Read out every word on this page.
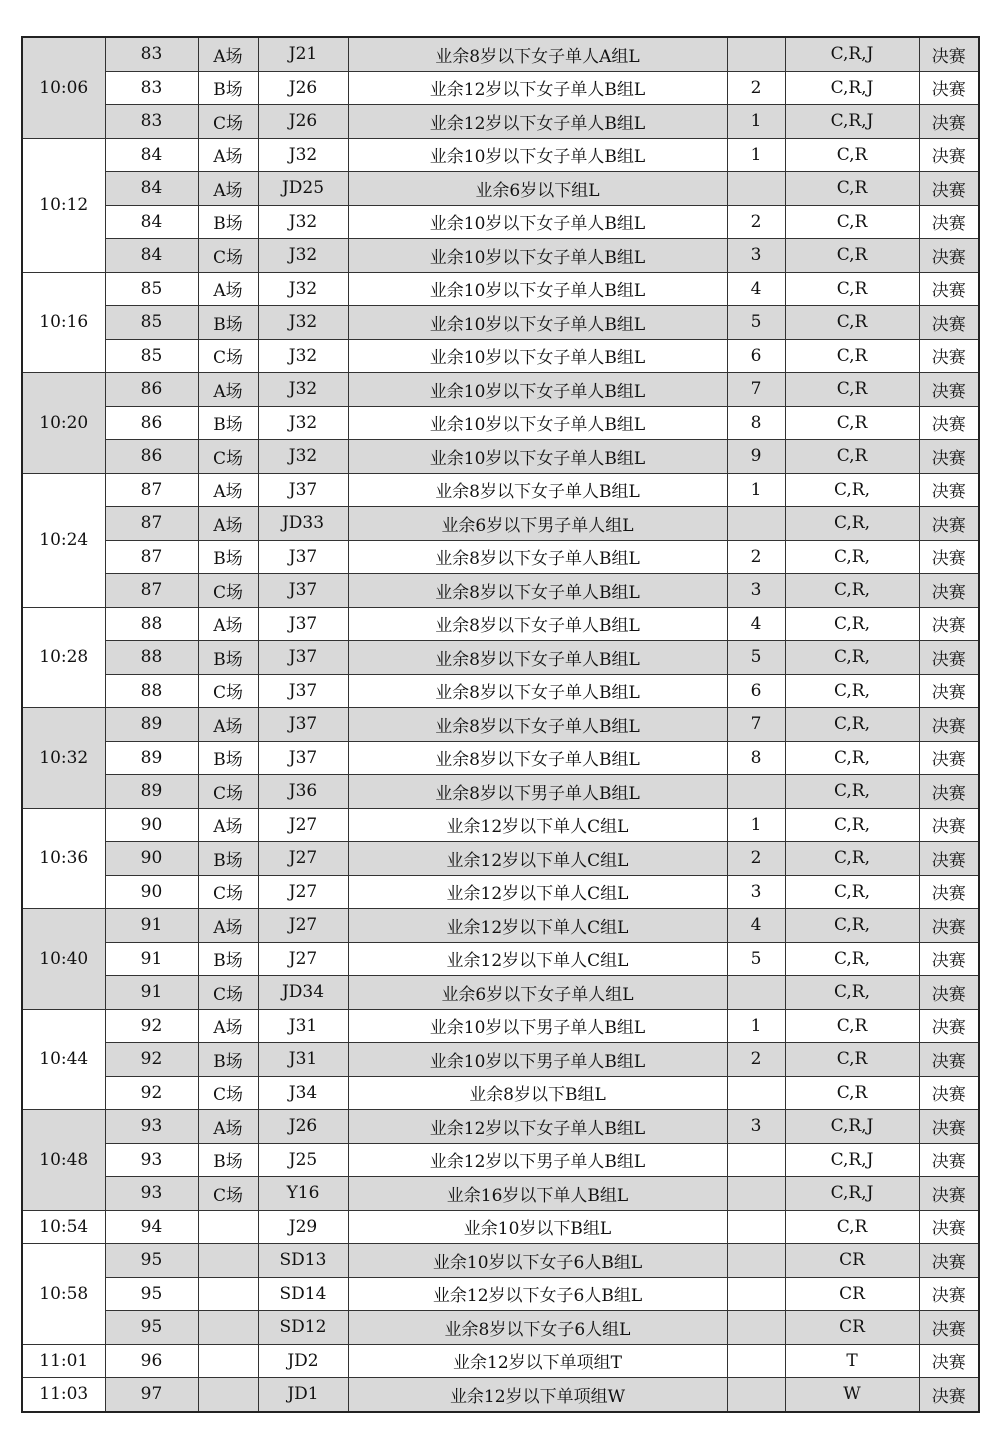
10:06	83	A场	J21	业余8岁以下女子单人A组L		C,R,J	决赛
	83	B场	J26	业余12岁以下女子单人B组L	2	C,R,J	决赛
	83	C场	J26	业余12岁以下女子单人B组L	1	C,R,J	决赛
10:12	84	A场	J32	业余10岁以下女子单人B组L	1	C,R	决赛
	84	A场	JD25	业余6岁以下组L		C,R	决赛
	84	B场	J32	业余10岁以下女子单人B组L	2	C,R	决赛
	84	C场	J32	业余10岁以下女子单人B组L	3	C,R	决赛
10:16	85	A场	J32	业余10岁以下女子单人B组L	4	C,R	决赛
	85	B场	J32	业余10岁以下女子单人B组L	5	C,R	决赛
	85	C场	J32	业余10岁以下女子单人B组L	6	C,R	决赛
10:20	86	A场	J32	业余10岁以下女子单人B组L	7	C,R	决赛
	86	B场	J32	业余10岁以下女子单人B组L	8	C,R	决赛
	86	C场	J32	业余10岁以下女子单人B组L	9	C,R	决赛
10:24	87	A场	J37	业余8岁以下女子单人B组L	1	C,R,	决赛
	87	A场	JD33	业余6岁以下男子单人组L		C,R,	决赛
	87	B场	J37	业余8岁以下女子单人B组L	2	C,R,	决赛
	87	C场	J37	业余8岁以下女子单人B组L	3	C,R,	决赛
10:28	88	A场	J37	业余8岁以下女子单人B组L	4	C,R,	决赛
	88	B场	J37	业余8岁以下女子单人B组L	5	C,R,	决赛
	88	C场	J37	业余8岁以下女子单人B组L	6	C,R,	决赛
10:32	89	A场	J37	业余8岁以下女子单人B组L	7	C,R,	决赛
	89	B场	J37	业余8岁以下女子单人B组L	8	C,R,	决赛
	89	C场	J36	业余8岁以下男子单人B组L		C,R,	决赛
10:36	90	A场	J27	业余12岁以下单人C组L	1	C,R,	决赛
	90	B场	J27	业余12岁以下单人C组L	2	C,R,	决赛
	90	C场	J27	业余12岁以下单人C组L	3	C,R,	决赛
10:40	91	A场	J27	业余12岁以下单人C组L	4	C,R,	决赛
	91	B场	J27	业余12岁以下单人C组L	5	C,R,	决赛
	91	C场	JD34	业余6岁以下女子单人组L		C,R,	决赛
10:44	92	A场	J31	业余10岁以下男子单人B组L	1	C,R	决赛
	92	B场	J31	业余10岁以下男子单人B组L	2	C,R	决赛
	92	C场	J34	业余8岁以下B组L		C,R	决赛
10:48	93	A场	J26	业余12岁以下女子单人B组L	3	C,R,J	决赛
	93	B场	J25	业余12岁以下男子单人B组L		C,R,J	决赛
	93	C场	Y16	业余16岁以下单人B组L		C,R,J	决赛
10:54	94		J29	业余10岁以下B组L		C,R	决赛
10:58	95		SD13	业余10岁以下女子6人B组L		CR	决赛
	95		SD14	业余12岁以下女子6人B组L		CR	决赛
	95		SD12	业余8岁以下女子6人组L		CR	决赛
11:01	96		JD2	业余12岁以下单项组T		T	决赛
11:03	97		JD1	业余12岁以下单项组W		W	决赛
